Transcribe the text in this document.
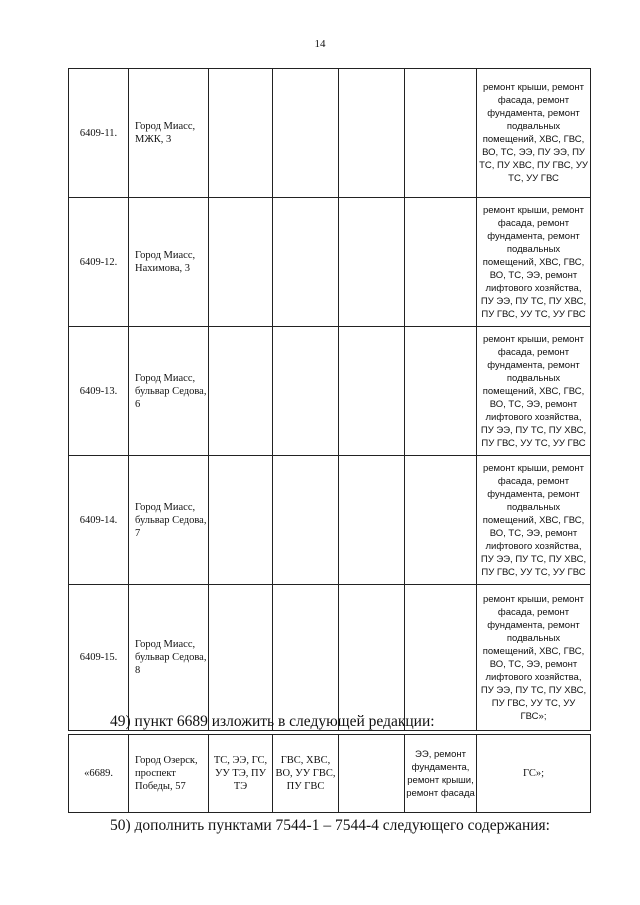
14
6409-11.	Город Миасс, МЖК, 3					ремонт крыши, ремонт фасада, ремонт фундамента, ремонт подвальных помещений, ХВС, ГВС, ВО, ТС, ЭЭ, ПУ ЭЭ, ПУ ТС, ПУ ХВС, ПУ ГВС, УУ ТС, УУ ГВС
6409-12.	Город Миасс, Нахимова, 3					ремонт крыши, ремонт фасада, ремонт фундамента, ремонт подвальных помещений, ХВС, ГВС, ВО, ТС, ЭЭ, ремонт лифтового хозяйства, ПУ ЭЭ, ПУ ТС, ПУ ХВС, ПУ ГВС, УУ ТС, УУ ГВС
6409-13.	Город Миасс, бульвар Седова, 6					ремонт крыши, ремонт фасада, ремонт фундамента, ремонт подвальных помещений, ХВС, ГВС, ВО, ТС, ЭЭ, ремонт лифтового хозяйства, ПУ ЭЭ, ПУ ТС, ПУ ХВС, ПУ ГВС, УУ ТС, УУ ГВС
6409-14.	Город Миасс, бульвар Седова, 7					ремонт крыши, ремонт фасада, ремонт фундамента, ремонт подвальных помещений, ХВС, ГВС, ВО, ТС, ЭЭ, ремонт лифтового хозяйства, ПУ ЭЭ, ПУ ТС, ПУ ХВС, ПУ ГВС, УУ ТС, УУ ГВС
6409-15.	Город Миасс, бульвар Седова, 8					ремонт крыши, ремонт фасада, ремонт фундамента, ремонт подвальных помещений, ХВС, ГВС, ВО, ТС, ЭЭ, ремонт лифтового хозяйства, ПУ ЭЭ, ПУ ТС, ПУ ХВС, ПУ ГВС, УУ ТС, УУ ГВС»;
49) пункт 6689 изложить в следующей редакции:
«6689.	Город Озерск, проспект Победы, 57	ТС, ЭЭ, ГС, УУ ТЭ, ПУ ТЭ	ГВС, ХВС, ВО, УУ ГВС, ПУ ГВС		ЭЭ, ремонт фундамента, ремонт крыши, ремонт фасада	ГС»;
50) дополнить пунктами 7544-1 – 7544-4 следующего содержания:
